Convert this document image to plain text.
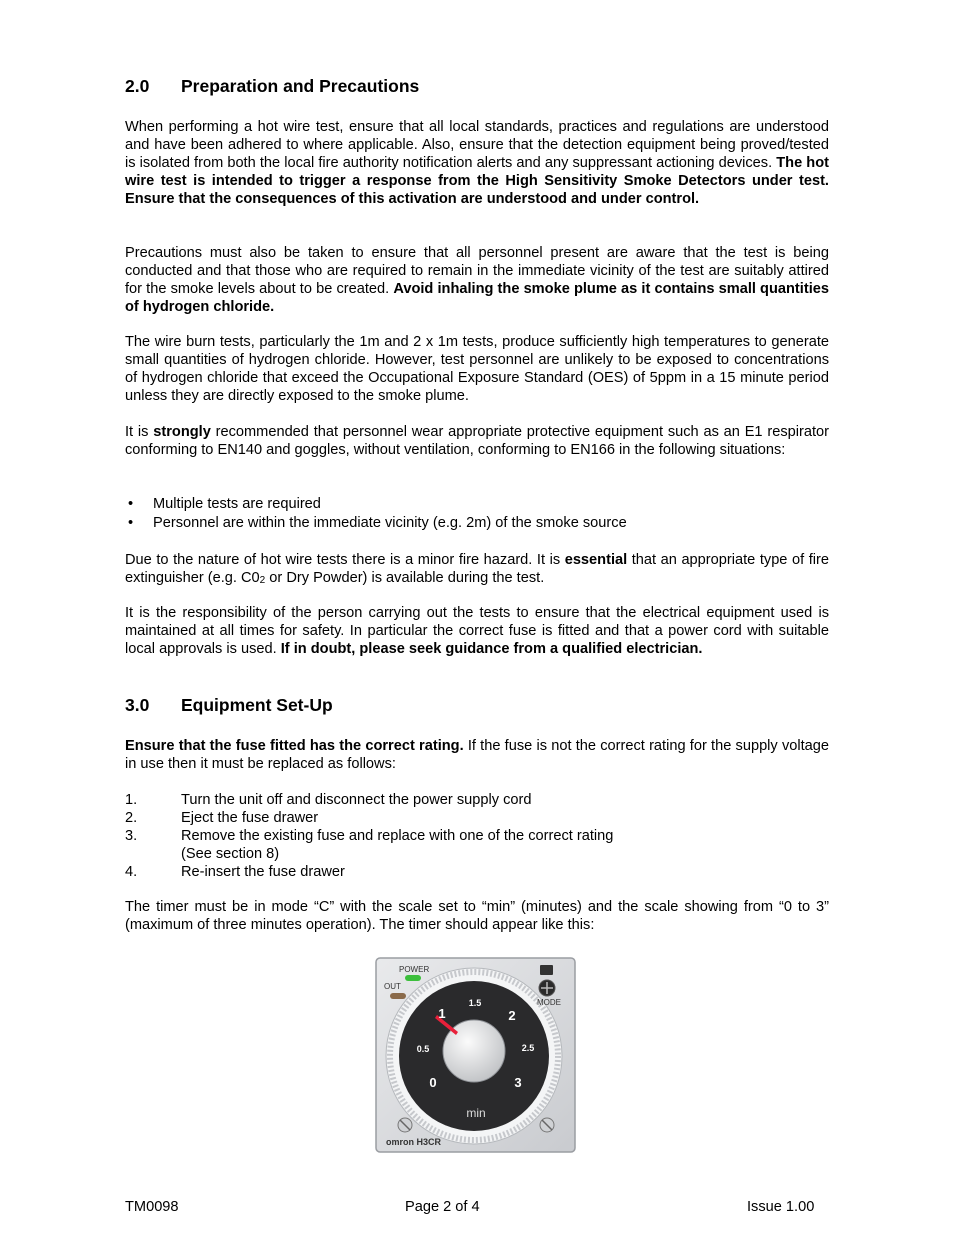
2.0 Preparation and Precautions

When performing a hot wire test, ensure that all local standards, practices and regulations are understood and have been adhered to where applicable. Also, ensure that the detection equipment being proved/tested is isolated from both the local fire authority notification alerts and any suppressant actioning devices. The hot wire test is intended to trigger a response from the High Sensitivity Smoke Detectors under test. Ensure that the consequences of this activation are understood and under control.

Precautions must also be taken to ensure that all personnel present are aware that the test is being conducted and that those who are required to remain in the immediate vicinity of the test are suitably attired for the smoke levels about to be created. Avoid inhaling the smoke plume as it contains small quantities of hydrogen chloride.

The wire burn tests, particularly the 1m and 2 x 1m tests, produce sufficiently high temperatures to generate small quantities of hydrogen chloride. However, test personnel are unlikely to be exposed to concentrations of hydrogen chloride that exceed the Occupational Exposure Standard (OES) of 5ppm in a 15 minute period unless they are directly exposed to the smoke plume.

It is strongly recommended that personnel wear appropriate protective equipment such as an E1 respirator conforming to EN140 and goggles, without ventilation, conforming to EN166 in the following situations:

• Multiple tests are required
• Personnel are within the immediate vicinity (e.g. 2m) of the smoke source

Due to the nature of hot wire tests there is a minor fire hazard. It is essential that an appropriate type of fire extinguisher (e.g. $C0_2$ or Dry Powder) is available during the test.

It is the responsibility of the person carrying out the tests to ensure that the electrical equipment used is maintained at all times for safety. In particular the correct fuse is fitted and that a power cord with suitable local approvals is used. If in doubt, please seek guidance from a qualified electrician.

3.0 Equipment Set-Up

Ensure that the fuse fitted has the correct rating. If the fuse is not the correct rating for the supply voltage in use then it must be replaced as follows:

1.	Turn the unit off and disconnect the power supply cord
2.	Eject the fuse drawer
3.	Remove the existing fuse and replace with one of the correct rating
(See section 8)
4.	Re-insert the fuse drawer

The timer must be in mode “C” with the scale set to “min” (minutes) and the scale showing from “0 to 3” (maximum of three minutes operation). The timer should appear like this:

0
0.5
1
1.5
2
2.5
3
min
POWER
OUT
MODE
omron H3CR
TM0098	Page 2 of 4	Issue 1.00
